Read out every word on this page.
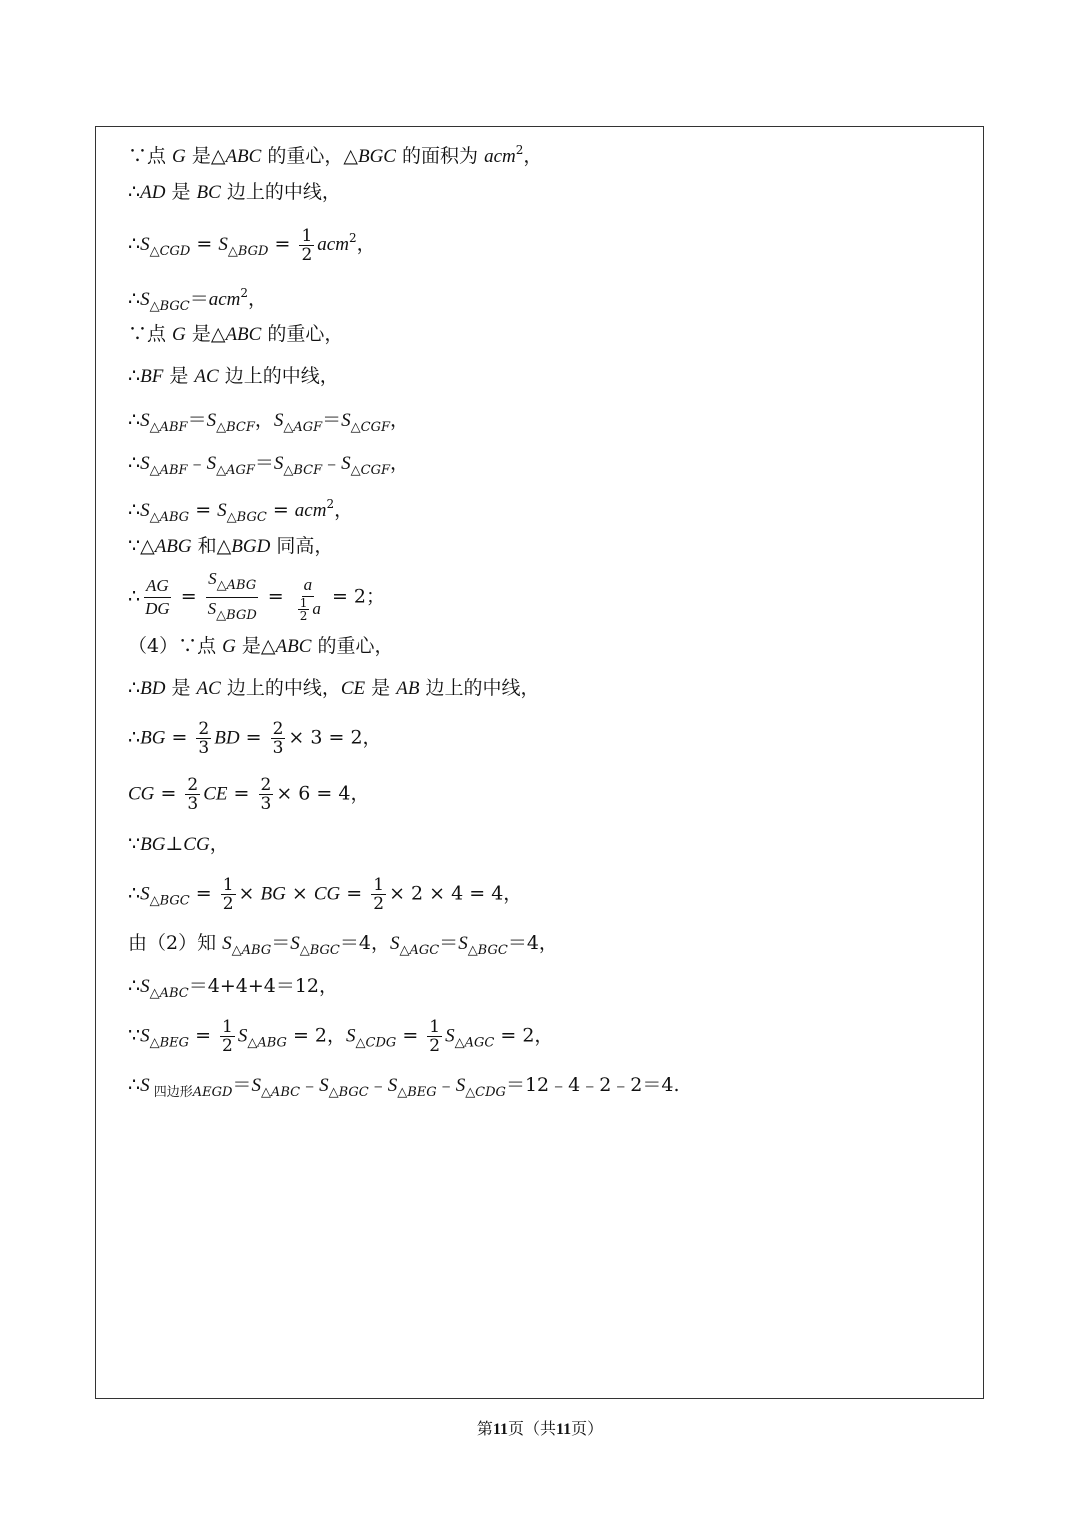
∵点 G 是△ABC 的重心，△BGC 的面积为 acm$^2$，
∴AD 是 BC 边上的中线，
$\therefore S_{\triangle CGD} = S_{\triangle BGD} = \frac{1}{2} acm^2$，
$\therefore S_{\triangle BGC}=acm^2$，
∵点 G 是△ABC 的重心，
∴BF 是 AC 边上的中线，
$\therefore S_{\triangle ABF}=S_{\triangle BCF}$，$S_{\triangle AGF}=S_{\triangle CGF}$，
$\therefore S_{\triangle ABF}﹣S_{\triangle AGF}=S_{\triangle BCF}﹣S_{\triangle CGF}$，
$\therefore S_{\triangle ABG} = S_{\triangle BGC} = acm^2$，
∵△ABG 和△BGD 同高，
∴ $\frac{AG}{DG} = \frac{S_{\triangle ABG}}{S_{\triangle BGD}} = \frac{a}{\frac{1}{2} a} = 2$；
（4）∵点 G 是△ABC 的重心，
∴BD 是 AC 边上的中线，CE 是 AB 边上的中线，
∴BG = $\frac{2}{3}$ BD = $\frac{2}{3} \times 3 = 2$，
CG = $\frac{2}{3}$ CE = $\frac{2}{3} \times 6 = 4$，
∵BG⊥CG，
$\therefore S_{\triangle BGC} = \frac{1}{2}$ × BG × CG = $\frac{1}{2} \times 2 \times 4 = 4$，
由（2）知 $S_{\triangle ABG}=S_{\triangle BGC}=4$，$S_{\triangle AGC}=S_{\triangle BGC}=4$，
$\therefore S_{\triangle ABC}=4+4+4=12$，
$\because S_{\triangle BEG} = \frac{1}{2} S_{\triangle ABG} = 2$，$S_{\triangle CDG} = \frac{1}{2} S_{\triangle AGC} = 2$，
∴S $_{四边形AEGD}=S_{\triangle ABC}﹣S_{\triangle BGC}﹣S_{\triangle BEG}﹣S_{\triangle CDG}=12﹣4﹣2﹣2=4$.
第11页（共11页）
